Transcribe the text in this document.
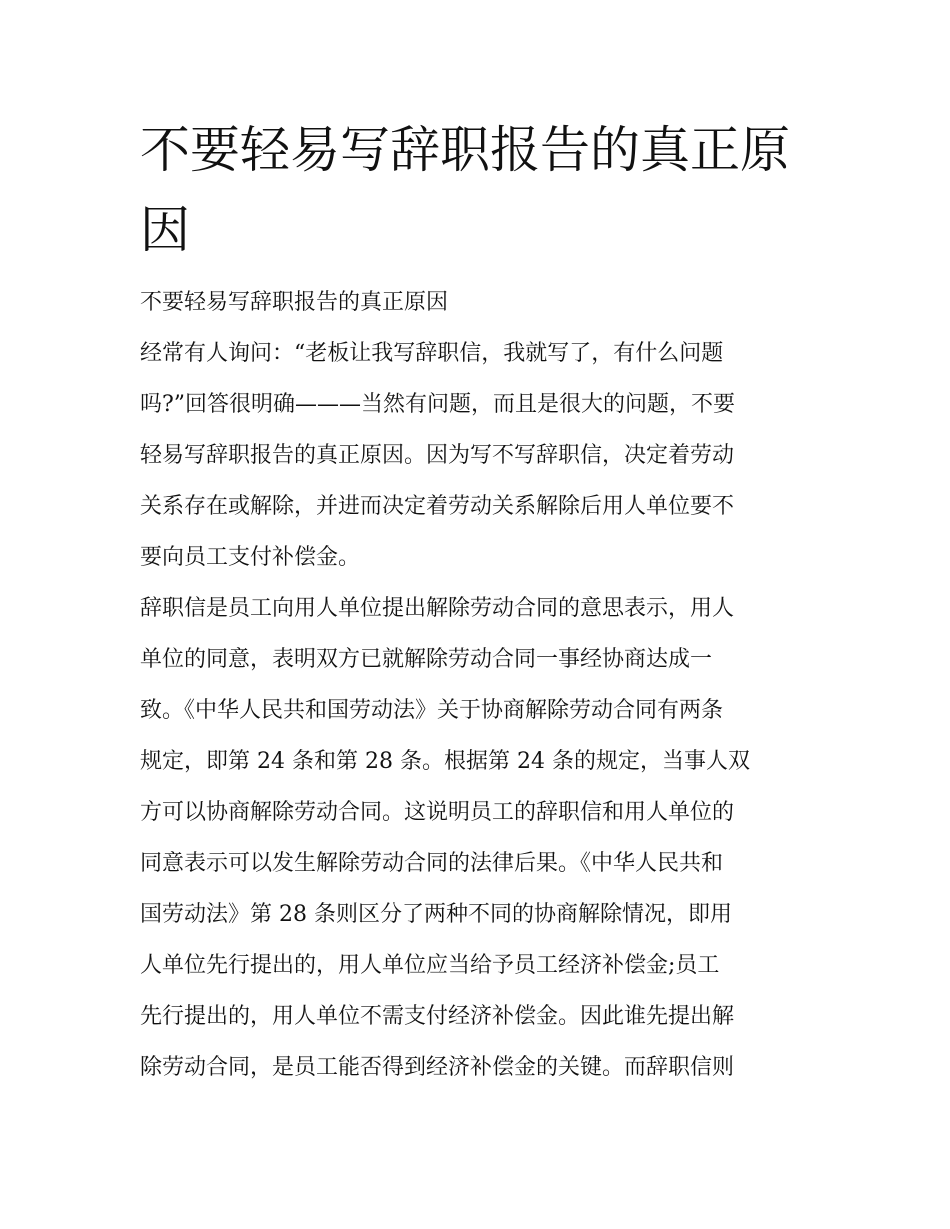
不要轻易写辞职报告的真正原
因
不要轻易写辞职报告的真正原因
经常有人询问：“老板让我写辞职信，我就写了，有什么问题
吗?”回答很明确———当然有问题，而且是很大的问题，不要
轻易写辞职报告的真正原因。因为写不写辞职信，决定着劳动
关系存在或解除，并进而决定着劳动关系解除后用人单位要不
要向员工支付补偿金。
辞职信是员工向用人单位提出解除劳动合同的意思表示，用人
单位的同意，表明双方已就解除劳动合同一事经协商达成一
致。《中华人民共和国劳动法》关于协商解除劳动合同有两条
规定，即第 24 条和第 28 条。根据第 24 条的规定，当事人双
方可以协商解除劳动合同。这说明员工的辞职信和用人单位的
同意表示可以发生解除劳动合同的法律后果。《中华人民共和
国劳动法》第 28 条则区分了两种不同的协商解除情况，即用
人单位先行提出的，用人单位应当给予员工经济补偿金;员工
先行提出的，用人单位不需支付经济补偿金。因此谁先提出解
除劳动合同，是员工能否得到经济补偿金的关键。而辞职信则
